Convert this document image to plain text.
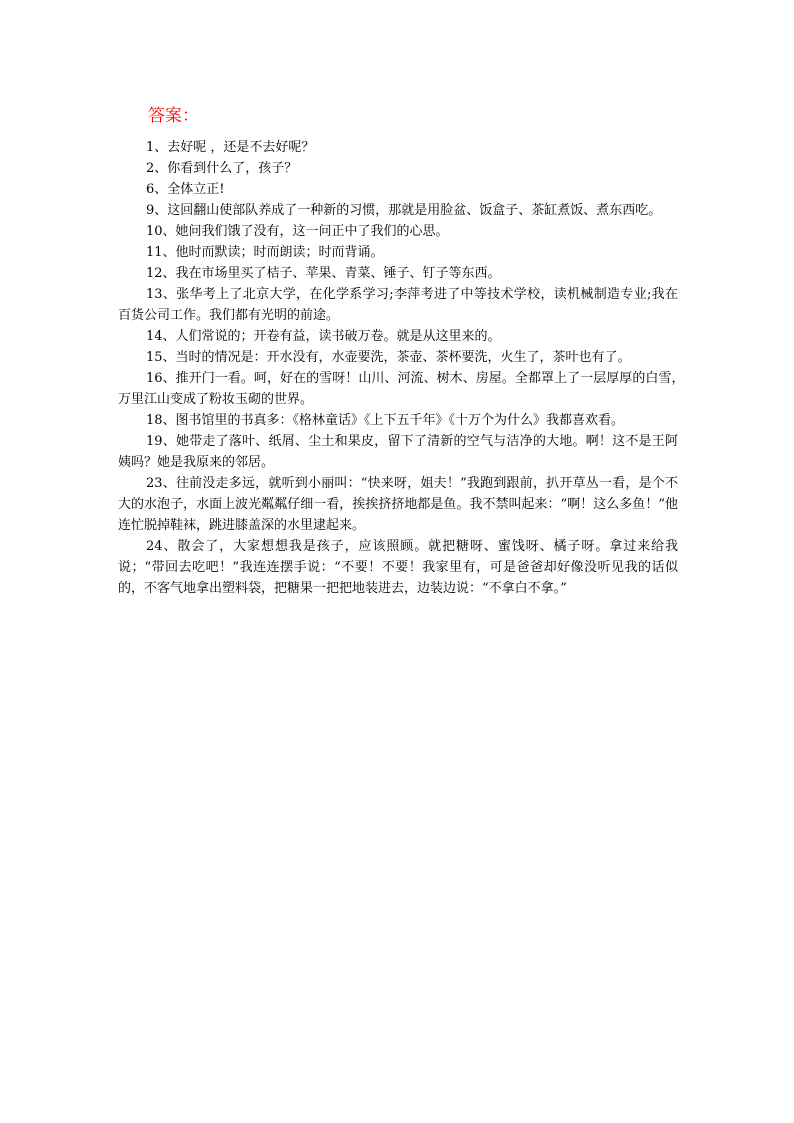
答案：

1、去好呢 ，还是不去好呢？

2、你看到什么了，孩子？

6、全体立正!

9、这回翻山使部队养成了一种新的习惯，那就是用脸盆、饭盒子、茶缸煮饭、煮东西吃。

10、她问我们饿了没有，这一问正中了我们的心思。

11、他时而默读；时而朗读；时而背诵。

12、我在市场里买了桔子、苹果、青菜、锤子、钉子等东西。

13、张华考上了北京大学，在化学系学习;李萍考进了中等技术学校，读机械制造专业;我在百货公司工作。我们都有光明的前途。

14、人们常说的；开卷有益，读书破万卷。就是从这里来的。

15、当时的情况是：开水没有，水壶要洗，茶壶、茶杯要洗，火生了，茶叶也有了。

16、推开门一看。呵，好在的雪呀！山川、河流、树木、房屋。全都罩上了一层厚厚的白雪，　万里江山变成了粉妆玉砌的世界。

18、图书馆里的书真多：《格林童话》《上下五千年》《十万个为什么》我都喜欢看。

19、她带走了落叶、纸屑、尘土和果皮，留下了清新的空气与洁净的大地。啊！这不是王阿姨吗？她是我原来的邻居。

23、往前没走多远，就听到小丽叫：“快来呀，姐夫！”我跑到跟前，扒开草丛一看，是个不大的水泡子，水面上波光粼粼仔细一看，挨挨挤挤地都是鱼。我不禁叫起来：“啊！这么多鱼！”他连忙脱掉鞋袜，跳进膝盖深的水里逮起来。

24、散会了，大家想想我是孩子，应该照顾。就把糖呀、蜜饯呀、橘子呀。拿过来给我说；“带回去吃吧！”我连连摆手说：“不要！不要！我家里有，可是爸爸却好像没听见我的话似的，不客气地拿出塑料袋，把糖果一把把地装进去，边装边说：“不拿白不拿。”
